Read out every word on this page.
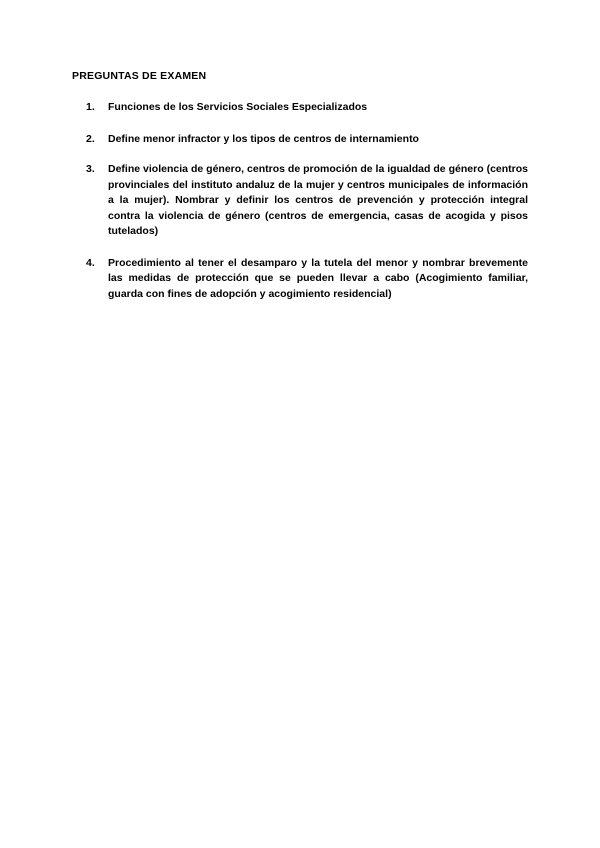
PREGUNTAS DE EXAMEN

1.	Funciones de los Servicios Sociales Especializados
2.	Define menor infractor y los tipos de centros de internamiento
3.	Define violencia de género, centros de promoción de la igualdad de género (centros provinciales del instituto andaluz de la mujer y centros municipales de información a la mujer). Nombrar y definir los centros de prevención y protección integral contra la violencia de género (centros de emergencia, casas de acogida y pisos tutelados)
4.	Procedimiento al tener el desamparo y la tutela del menor y nombrar brevemente las medidas de protección que se pueden llevar a cabo (Acogimiento familiar, guarda con fines de adopción y acogimiento residencial)
